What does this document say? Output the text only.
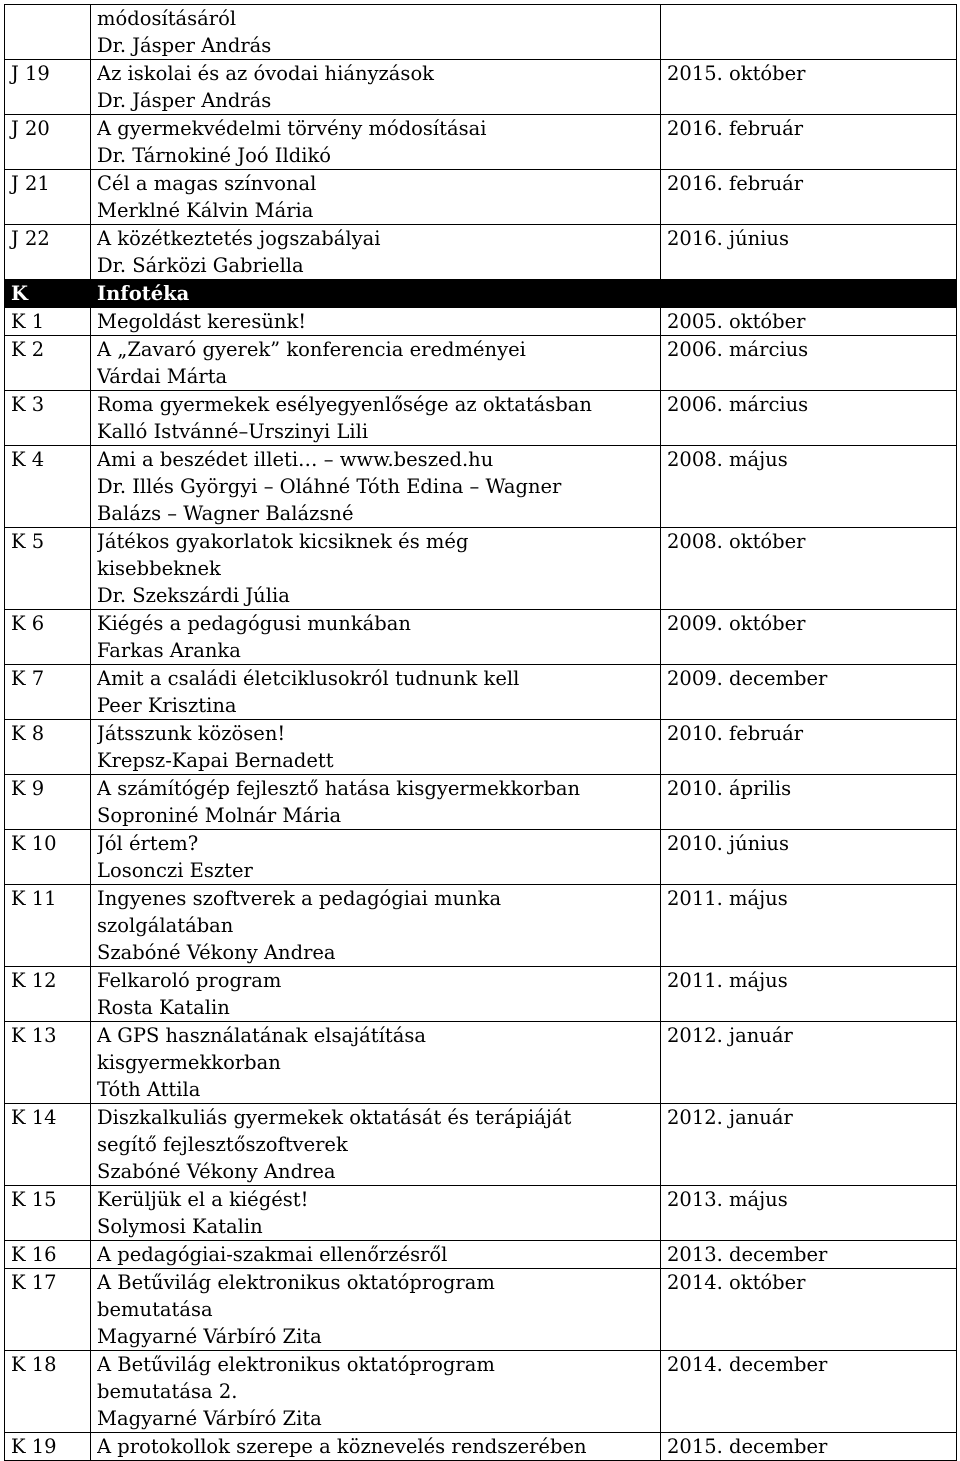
	módosításáról
Dr. Jásper András	

J 19	Az iskolai és az óvodai hiányzások
Dr. Jásper András	2015. október
J 20	A gyermekvédelmi törvény módosításai
Dr. Tárnokiné Joó Ildikó	2016. február
J 21	Cél a magas színvonal
Merklné Kálvin Mária	2016. február
J 22	A közétkeztetés jogszabályai
Dr. Sárközi Gabriella	2016. június
K	Infotéka	

K 1	Megoldást keresünk!	2005. október
K 2	A „Zavaró gyerek” konferencia eredményei
Várdai Márta	2006. március
K 3	Roma gyermekek esélyegyenlősége az oktatásban
Kalló Istvánné–Urszinyi Lili	2006. március
K 4	Ami a beszédet illeti… – www.beszed.hu
Dr. Illés Györgyi – Oláhné Tóth Edina – Wagner
Balázs – Wagner Balázsné	2008. május
K 5	Játékos gyakorlatok kicsiknek és még
kisebbeknek
Dr. Szekszárdi Júlia	2008. október
K 6	Kiégés a pedagógusi munkában
Farkas Aranka	2009. október
K 7	Amit a családi életciklusokról tudnunk kell
Peer Krisztina	2009. december
K 8	Játsszunk közösen!
Krepsz-Kapai Bernadett	2010. február
K 9	A számítógép fejlesztő hatása kisgyermekkorban
Soproniné Molnár Mária	2010. április
K 10	Jól értem?
Losonczi Eszter	2010. június
K 11	Ingyenes szoftverek a pedagógiai munka
szolgálatában
Szabóné Vékony Andrea	2011. május
K 12	Felkaroló program
Rosta Katalin	2011. május
K 13	A GPS használatának elsajátítása
kisgyermekkorban
Tóth Attila	2012. január
K 14	Diszkalkuliás gyermekek oktatását és terápiáját
segítő fejlesztőszoftverek
Szabóné Vékony Andrea	2012. január
K 15	Kerüljük el a kiégést!
Solymosi Katalin	2013. május
K 16	A pedagógiai-szakmai ellenőrzésről	2013. december
K 17	A Betűvilág elektronikus oktatóprogram
bemutatása
Magyarné Várbíró Zita	2014. október
K 18	A Betűvilág elektronikus oktatóprogram
bemutatása 2.
Magyarné Várbíró Zita	2014. december
K 19	A protokollok szerepe a köznevelés rendszerében	2015. december
